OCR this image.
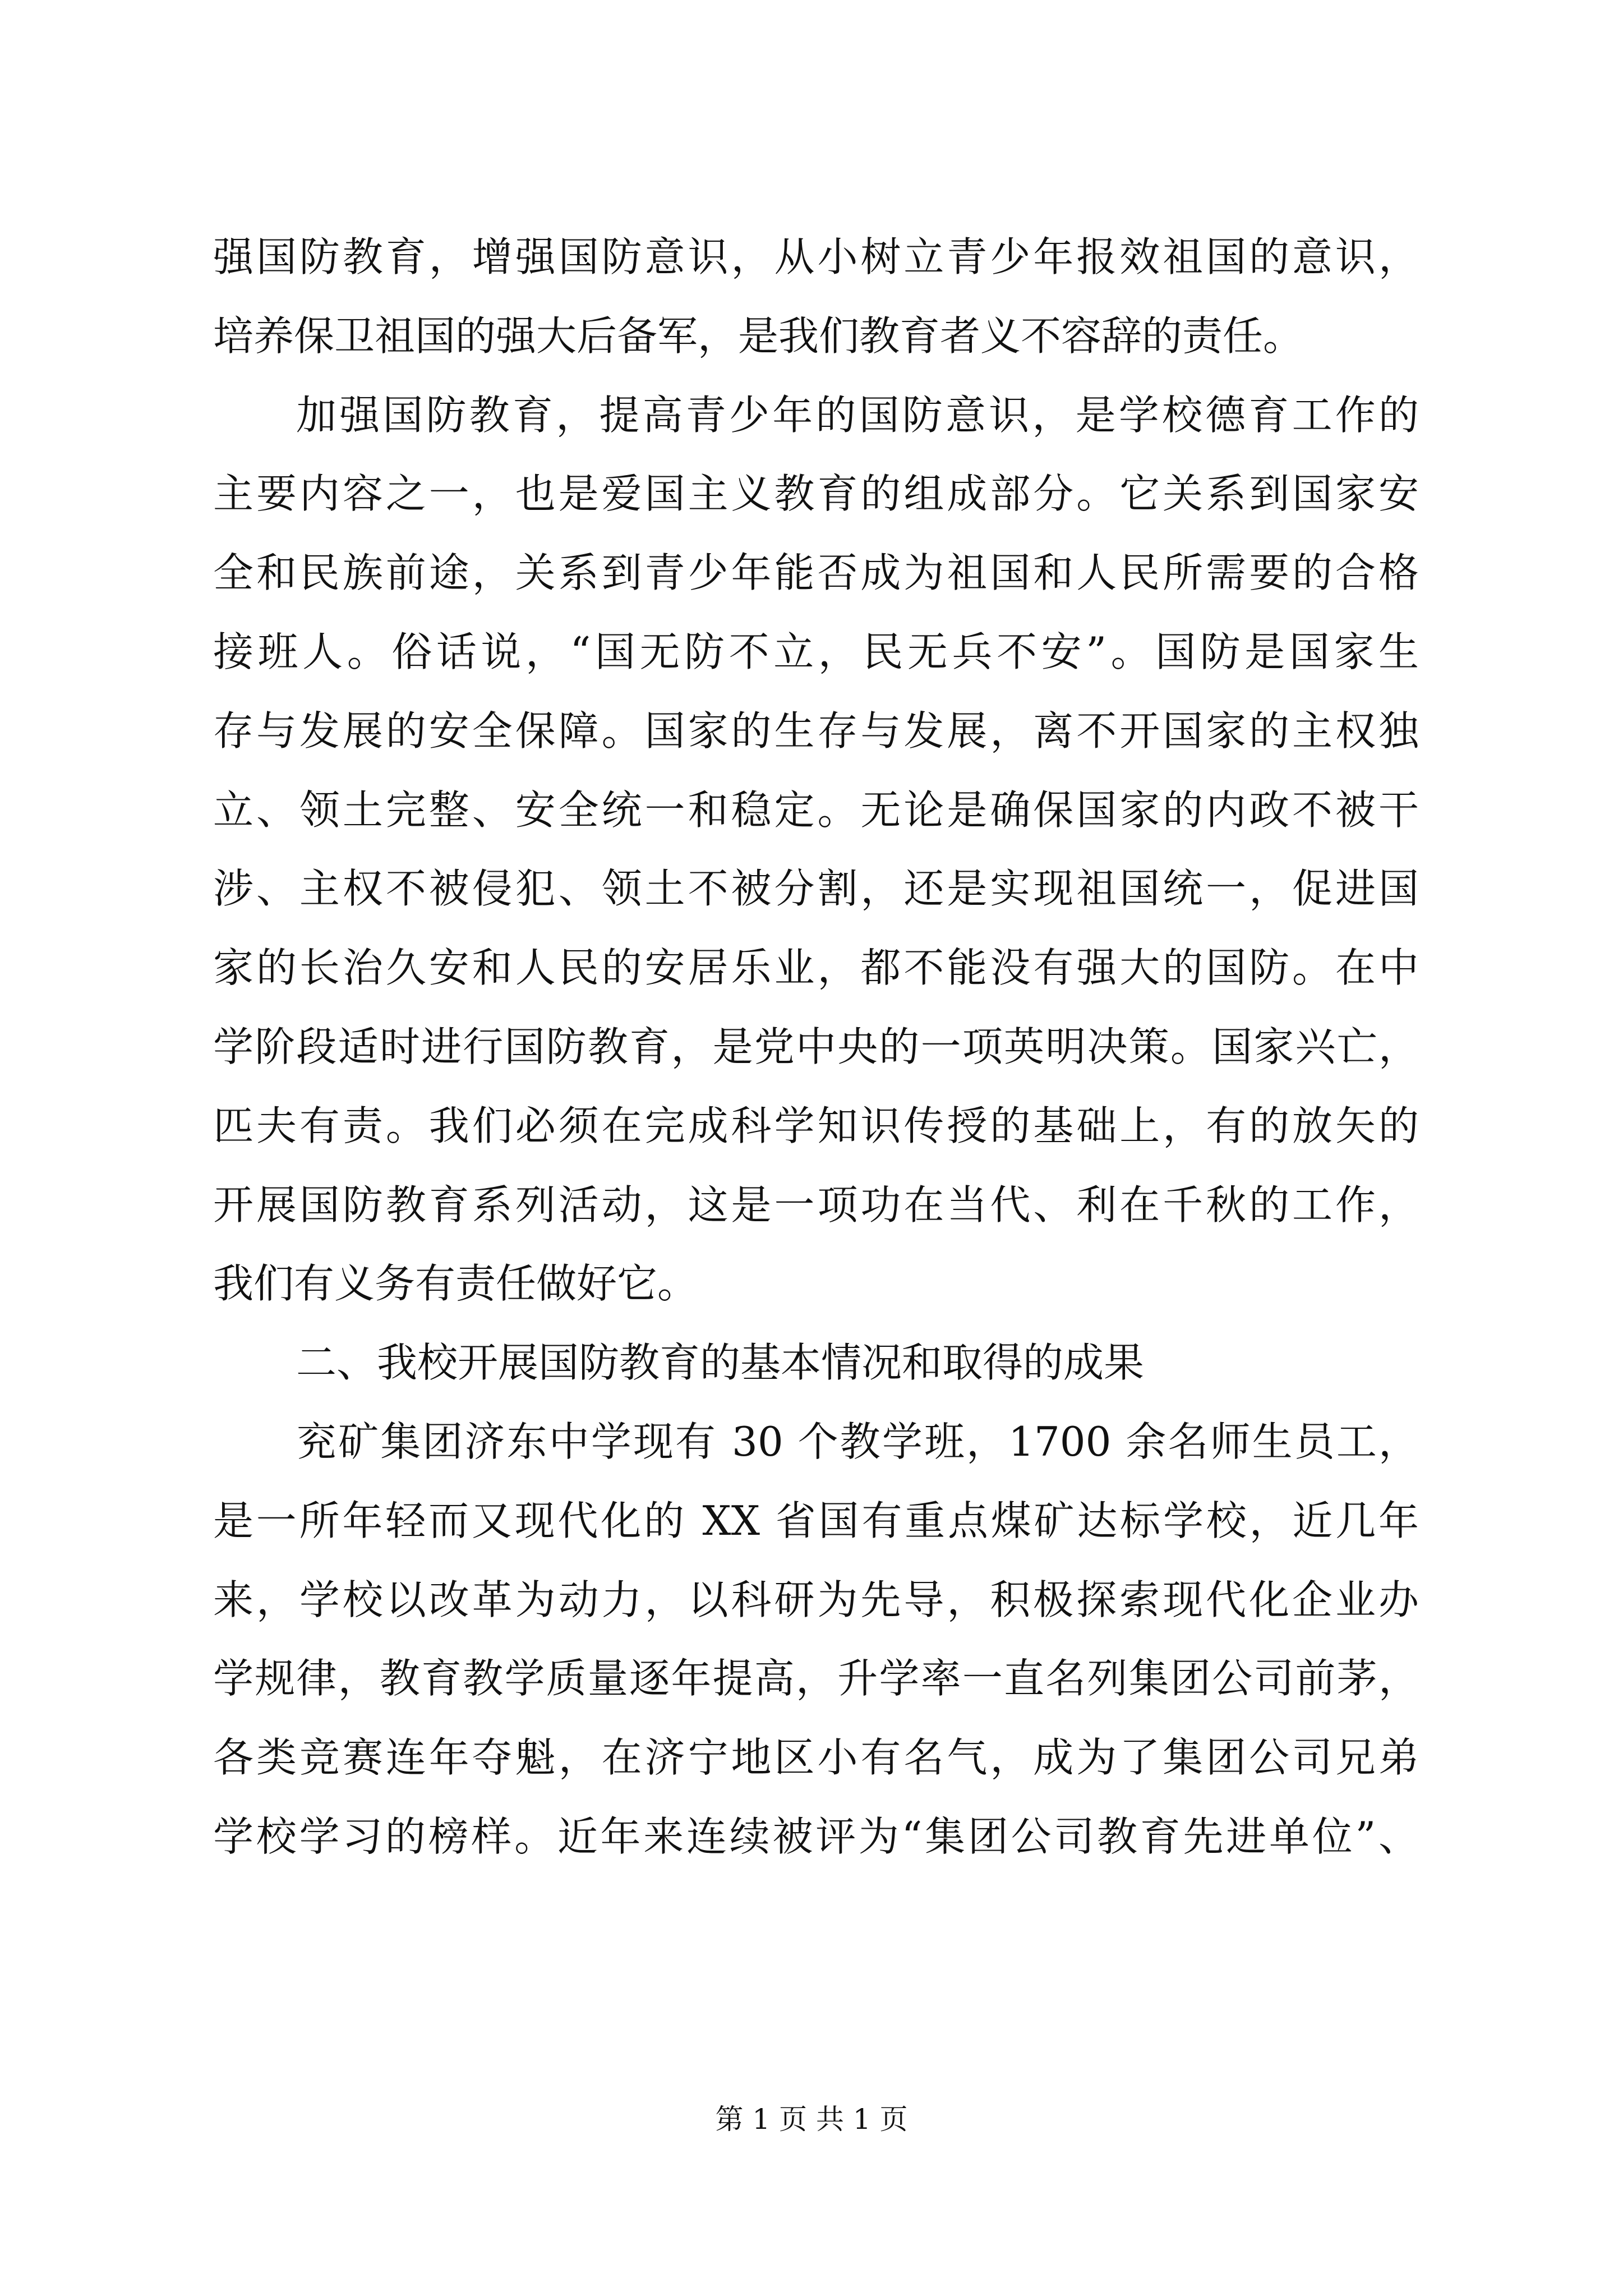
强国防教育，增强国防意识，从小树立青少年报效祖国的意识，
培养保卫祖国的强大后备军，是我们教育者义不容辞的责任。
加强国防教育，提高青少年的国防意识，是学校德育工作的
主要内容之一，也是爱国主义教育的组成部分。它关系到国家安
全和民族前途，关系到青少年能否成为祖国和人民所需要的合格
接班人。俗话说，“国无防不立，民无兵不安”。国防是国家生
存与发展的安全保障。国家的生存与发展，离不开国家的主权独
立、领土完整、安全统一和稳定。无论是确保国家的内政不被干
涉、主权不被侵犯、领土不被分割，还是实现祖国统一，促进国
家的长治久安和人民的安居乐业，都不能没有强大的国防。在中
学阶段适时进行国防教育，是党中央的一项英明决策。国家兴亡，
匹夫有责。我们必须在完成科学知识传授的基础上，有的放矢的
开展国防教育系列活动，这是一项功在当代、利在千秋的工作，
我们有义务有责任做好它。
二、我校开展国防教育的基本情况和取得的成果
兖矿集团济东中学现有 30 个教学班，1700 余名师生员工，
是一所年轻而又现代化的 XX 省国有重点煤矿达标学校，近几年
来，学校以改革为动力，以科研为先导，积极探索现代化企业办
学规律，教育教学质量逐年提高，升学率一直名列集团公司前茅，
各类竞赛连年夺魁，在济宁地区小有名气，成为了集团公司兄弟
学校学习的榜样。近年来连续被评为“集团公司教育先进单位”、
第 1 页 共 1 页
